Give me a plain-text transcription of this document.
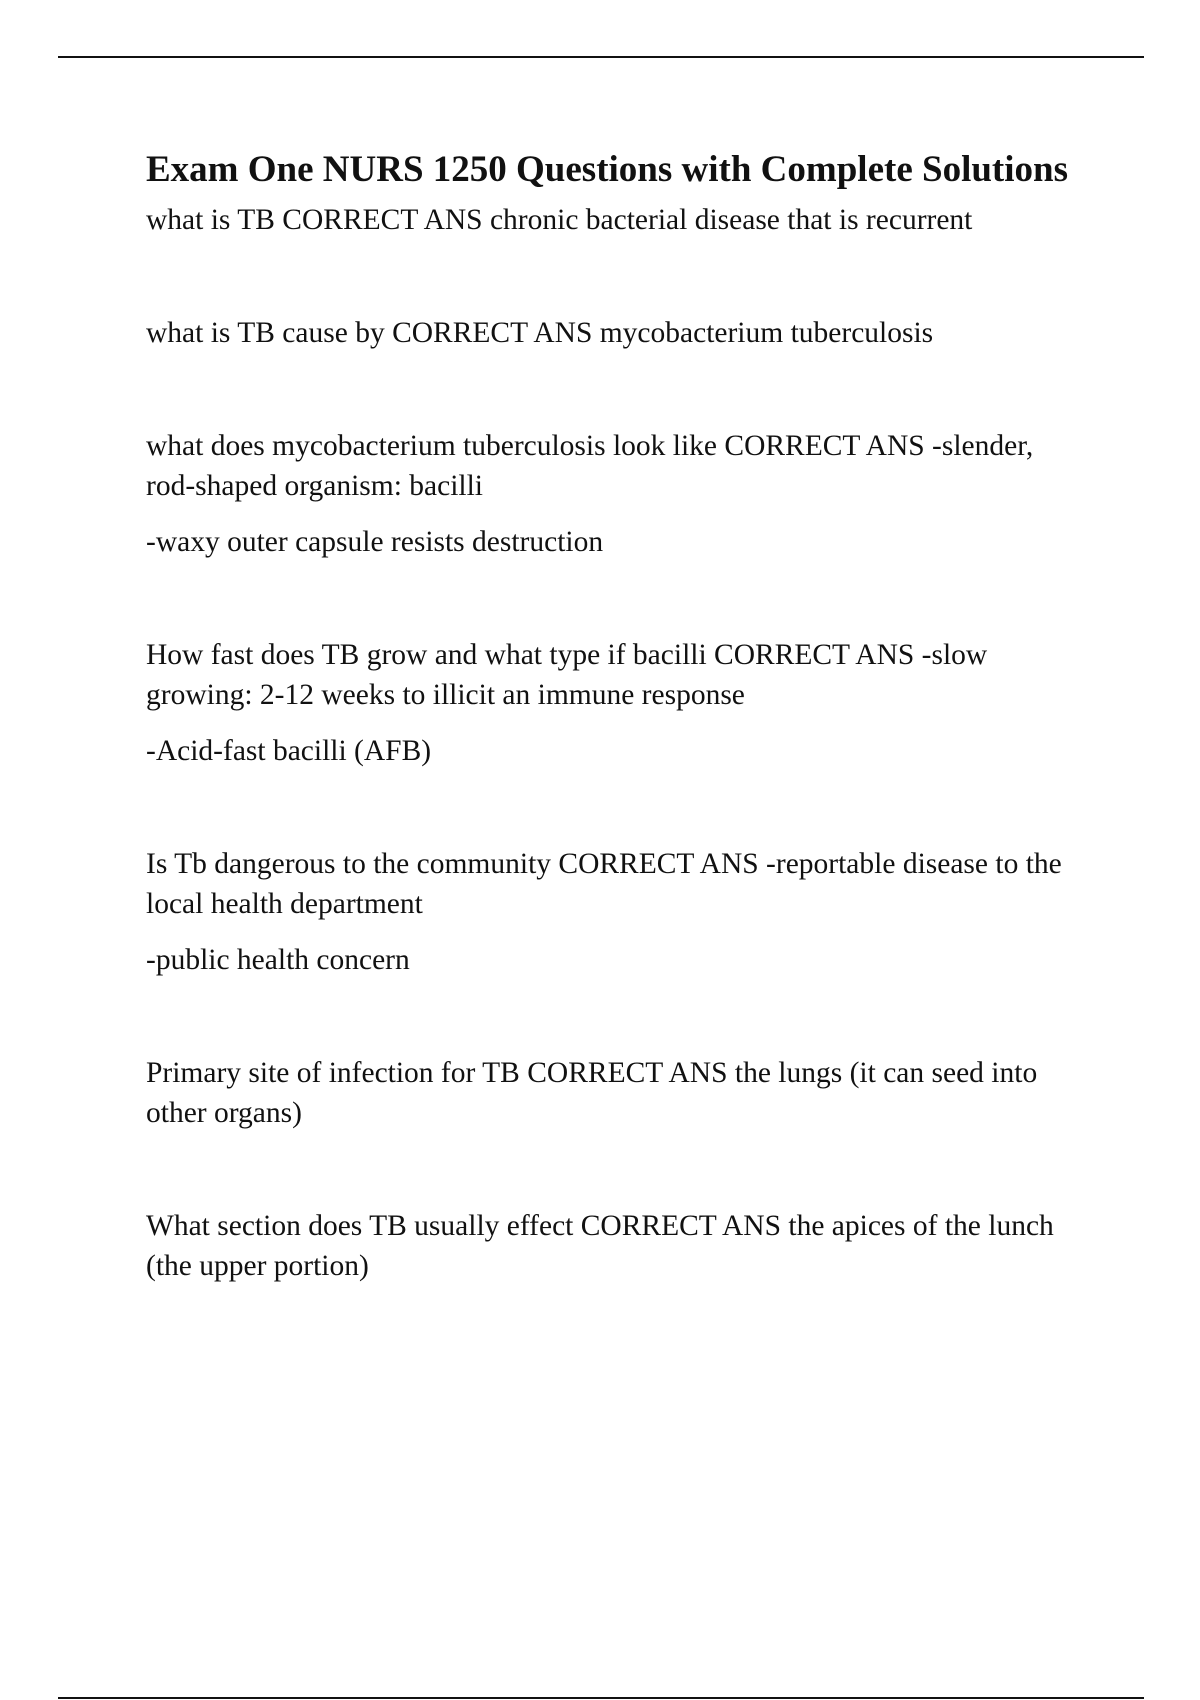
Exam One NURS 1250 Questions with Complete Solutions

what is TB CORRECT ANS chronic bacterial disease that is recurrent

what is TB cause by CORRECT ANS mycobacterium tuberculosis

what does mycobacterium tuberculosis look like CORRECT ANS -slender, rod-shaped organism: bacilli

-waxy outer capsule resists destruction

How fast does TB grow and what type if bacilli CORRECT ANS -slow growing: 2-12 weeks to illicit an immune response

-Acid-fast bacilli (AFB)

Is Tb dangerous to the community CORRECT ANS -reportable disease to the local health department

-public health concern

Primary site of infection for TB CORRECT ANS the lungs (it can seed into other organs)

What section does TB usually effect CORRECT ANS the apices of the lunch (the upper portion)
